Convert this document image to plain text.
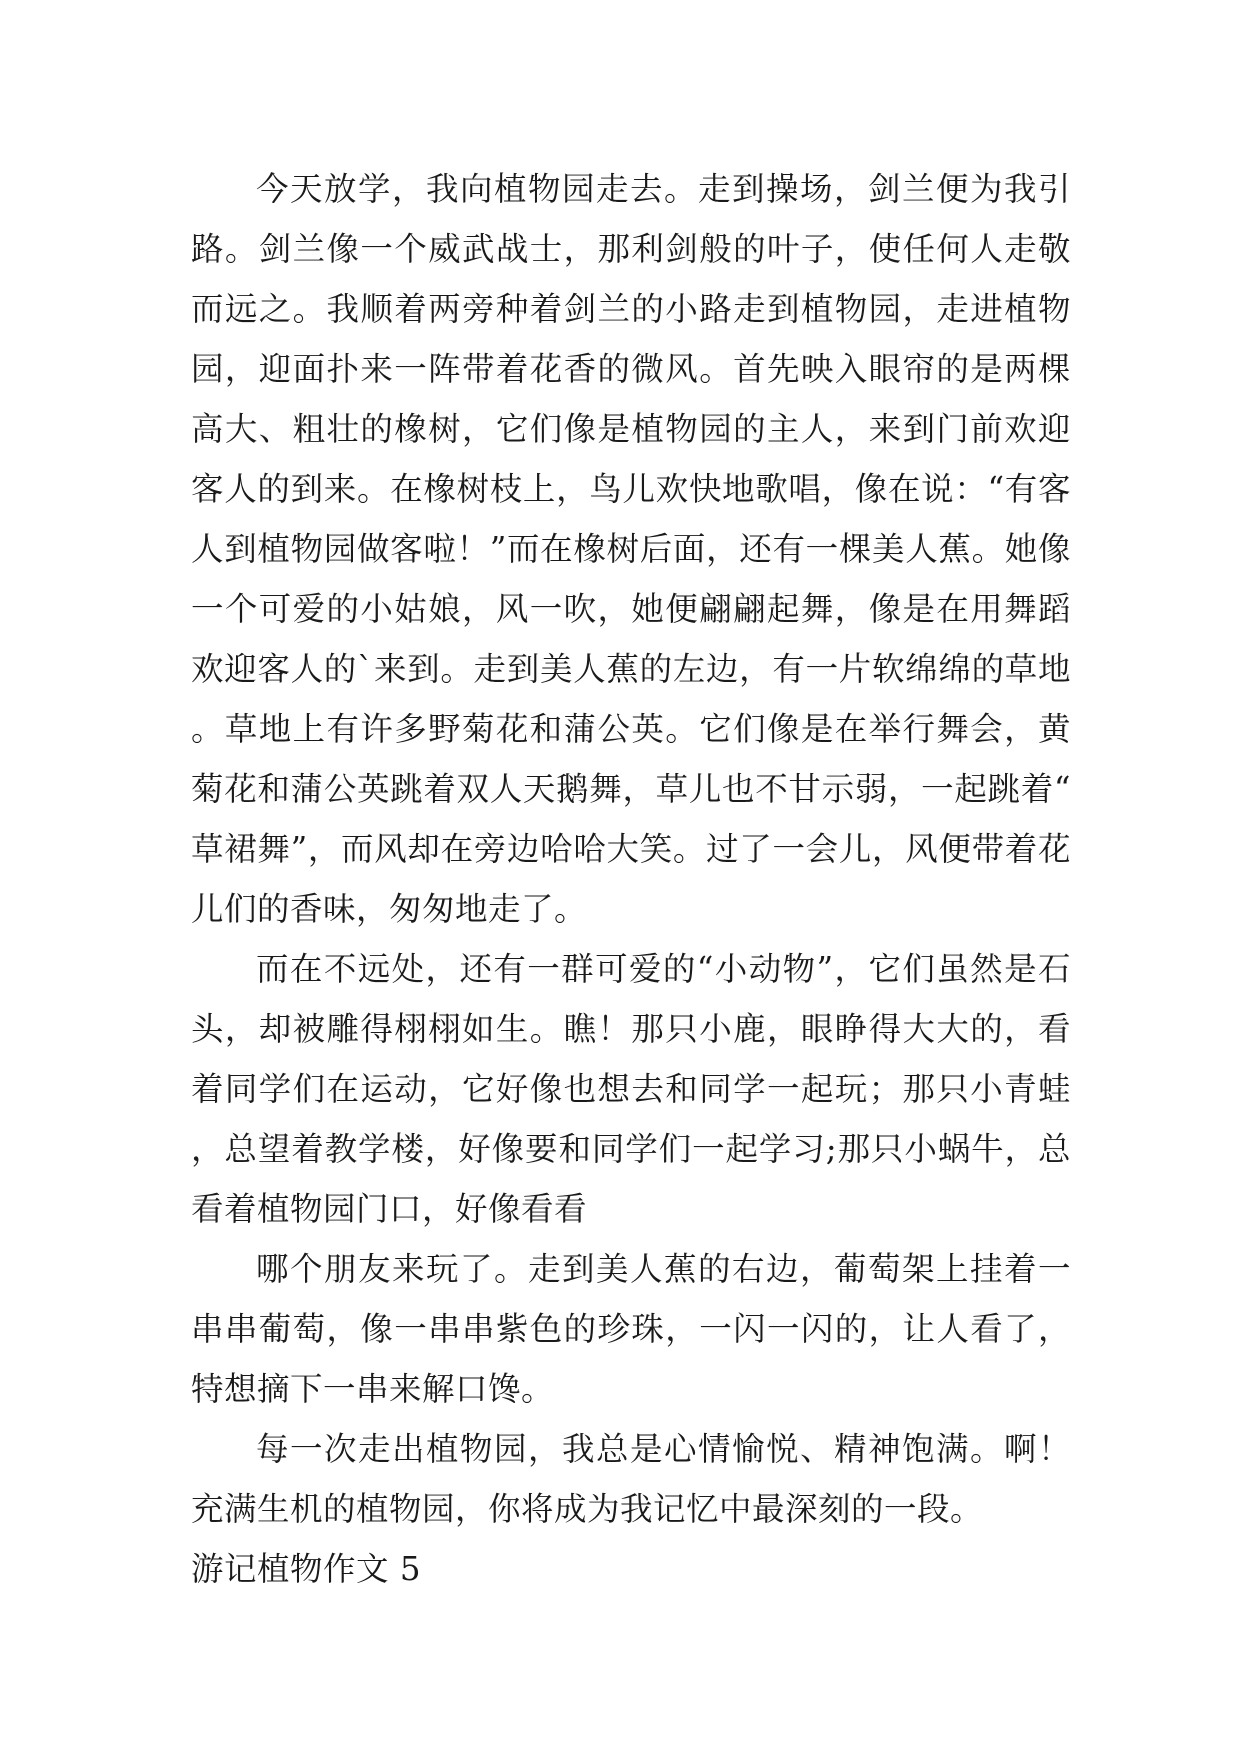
今天放学，我向植物园走去。走到操场，剑兰便为我引路。剑兰像一个威武战士，那利剑般的叶子，使任何人走敬而远之。我顺着两旁种着剑兰的小路走到植物园，走进植物园，迎面扑来一阵带着花香的微风。首先映入眼帘的是两棵高大、粗壮的橡树，它们像是植物园的主人，来到门前欢迎客人的到来。在橡树枝上，鸟儿欢快地歌唱，像在说：“有客人到植物园做客啦！”而在橡树后面，还有一棵美人蕉。她像一个可爱的小姑娘，风一吹，她便翩翩起舞，像是在用舞蹈欢迎客人的`来到。走到美人蕉的左边，有一片软绵绵的草地。草地上有许多野菊花和蒲公英。它们像是在举行舞会，黄菊花和蒲公英跳着双人天鹅舞，草儿也不甘示弱，一起跳着“草裙舞”，而风却在旁边哈哈大笑。过了一会儿，风便带着花儿们的香味，匆匆地走了。

而在不远处，还有一群可爱的“小动物”，它们虽然是石头，却被雕得栩栩如生。瞧！那只小鹿，眼睁得大大的，看着同学们在运动，它好像也想去和同学一起玩；那只小青蛙，总望着教学楼，好像要和同学们一起学习;那只小蜗牛，总看着植物园门口，好像看看

哪个朋友来玩了。走到美人蕉的右边，葡萄架上挂着一串串葡萄，像一串串紫色的珍珠，一闪一闪的，让人看了，特想摘下一串来解口馋。

每一次走出植物园，我总是心情愉悦、精神饱满。啊！充满生机的植物园，你将成为我记忆中最深刻的一段。

游记植物作文 5
